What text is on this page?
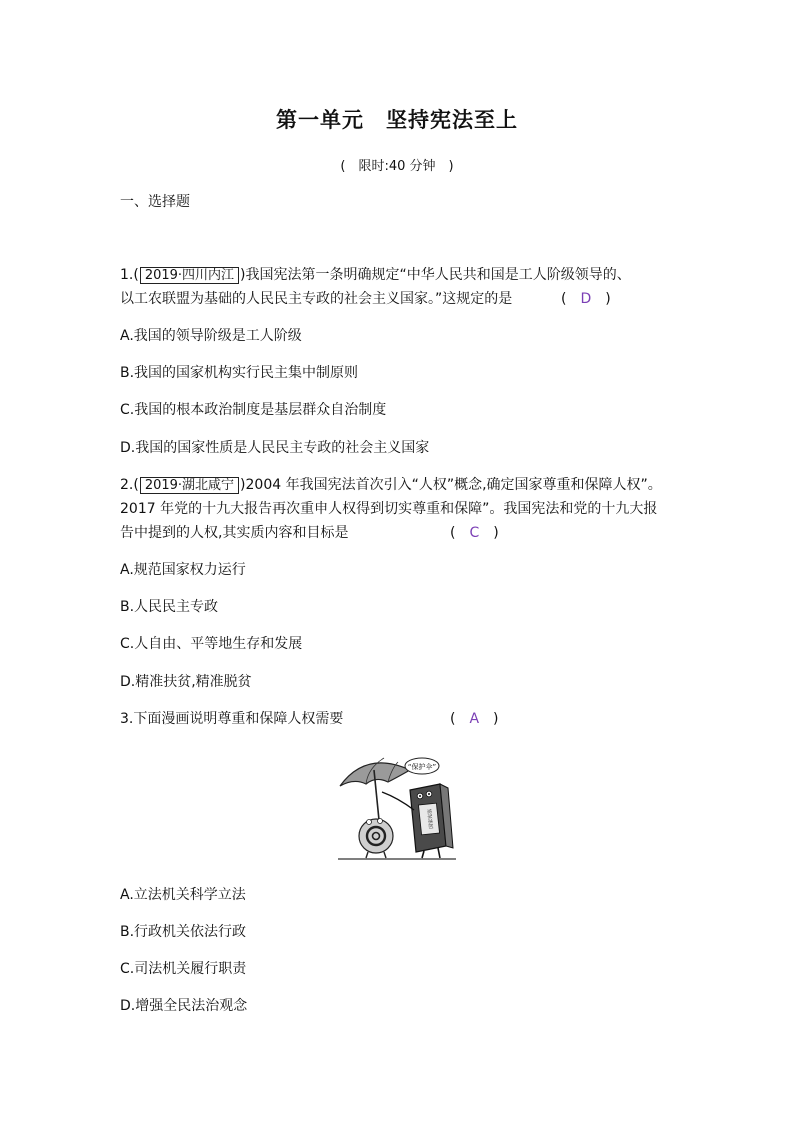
第一单元 坚持宪法至上
(　限时:40 分钟　)
一、选择题
1.( 2019·四川内江 )我国宪法第一条明确规定“中华人民共和国是工人阶级领导的、
以工农联盟为基础的人民民主专政的社会主义国家。”这规定的是	(　D　)
A.我国的领导阶级是工人阶级
B.我国的国家机构实行民主集中制原则
C.我国的根本政治制度是基层群众自治制度
D.我国的国家性质是人民民主专政的社会主义国家
2.( 2019·湖北咸宁 )2004 年我国宪法首次引入“人权”概念,确定国家尊重和保障人权”。
2017 年党的十九大报告再次重申人权得到切实尊重和保障”。我国宪法和党的十九大报
告中提到的人权,其实质内容和目标是	(　C　)
A.规范国家权力运行
B.人民民主专政
C.人自由、平等地生存和发展
D.精准扶贫,精准脱贫
3.下面漫画说明尊重和保障人权需要	(　A　)
“保护伞”
国家宪法
A.立法机关科学立法
B.行政机关依法行政
C.司法机关履行职责
D.增强全民法治观念
